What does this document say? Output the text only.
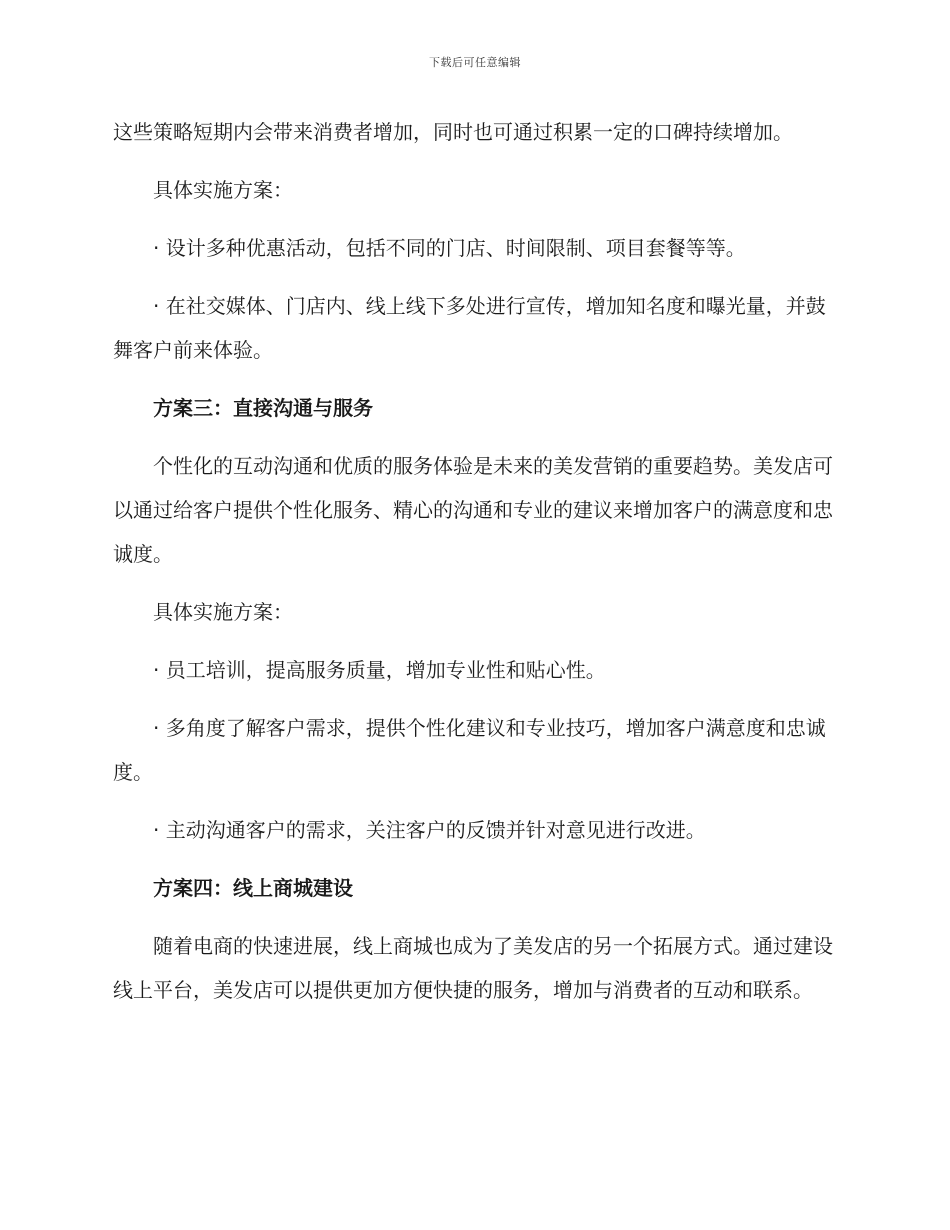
下载后可任意编辑

这些策略短期内会带来消费者增加，同时也可通过积累一定的口碑持续增加。

具体实施方案：

· 设计多种优惠活动，包括不同的门店、时间限制、项目套餐等等。

· 在社交媒体、门店内、线上线下多处进行宣传，增加知名度和曝光量，并鼓舞客户前来体验。

方案三：直接沟通与服务

个性化的互动沟通和优质的服务体验是未来的美发营销的重要趋势。美发店可以通过给客户提供个性化服务、精心的沟通和专业的建议来增加客户的满意度和忠诚度。

具体实施方案：

· 员工培训，提高服务质量，增加专业性和贴心性。

· 多角度了解客户需求，提供个性化建议和专业技巧，增加客户满意度和忠诚度。

· 主动沟通客户的需求，关注客户的反馈并针对意见进行改进。

方案四：线上商城建设

随着电商的快速进展，线上商城也成为了美发店的另一个拓展方式。通过建设线上平台，美发店可以提供更加方便快捷的服务，增加与消费者的互动和联系。
